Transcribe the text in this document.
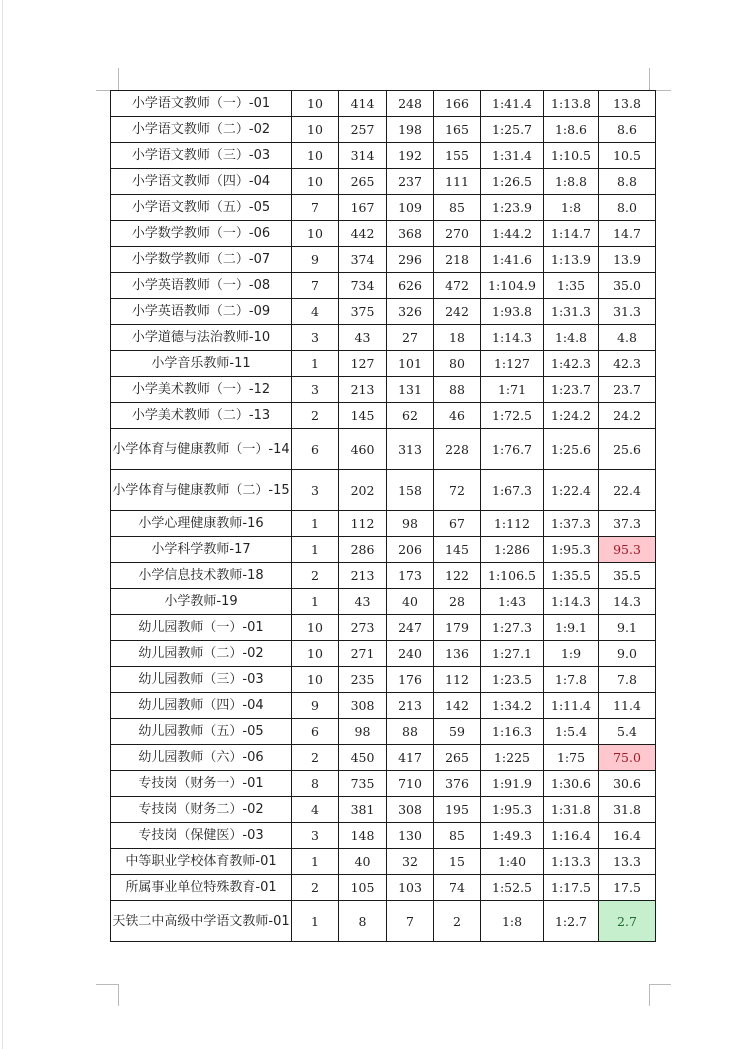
小学语文教师（一）-01	10	414	248	166	1:41.4	1:13.8	13.8
小学语文教师（二）-02	10	257	198	165	1:25.7	1:8.6	8.6
小学语文教师（三）-03	10	314	192	155	1:31.4	1:10.5	10.5
小学语文教师（四）-04	10	265	237	111	1:26.5	1:8.8	8.8
小学语文教师（五）-05	7	167	109	85	1:23.9	1:8	8.0
小学数学教师（一）-06	10	442	368	270	1:44.2	1:14.7	14.7
小学数学教师（二）-07	9	374	296	218	1:41.6	1:13.9	13.9
小学英语教师（一）-08	7	734	626	472	1:104.9	1:35	35.0
小学英语教师（二）-09	4	375	326	242	1:93.8	1:31.3	31.3
小学道德与法治教师-10	3	43	27	18	1:14.3	1:4.8	4.8
小学音乐教师-11	1	127	101	80	1:127	1:42.3	42.3
小学美术教师（一）-12	3	213	131	88	1:71	1:23.7	23.7
小学美术教师（二）-13	2	145	62	46	1:72.5	1:24.2	24.2
小学体育与健康教师（一）-14	6	460	313	228	1:76.7	1:25.6	25.6
小学体育与健康教师（二）-15	3	202	158	72	1:67.3	1:22.4	22.4
小学心理健康教师-16	1	112	98	67	1:112	1:37.3	37.3
小学科学教师-17	1	286	206	145	1:286	1:95.3	95.3
小学信息技术教师-18	2	213	173	122	1:106.5	1:35.5	35.5
小学教师-19	1	43	40	28	1:43	1:14.3	14.3
幼儿园教师（一）-01	10	273	247	179	1:27.3	1:9.1	9.1
幼儿园教师（二）-02	10	271	240	136	1:27.1	1:9	9.0
幼儿园教师（三）-03	10	235	176	112	1:23.5	1:7.8	7.8
幼儿园教师（四）-04	9	308	213	142	1:34.2	1:11.4	11.4
幼儿园教师（五）-05	6	98	88	59	1:16.3	1:5.4	5.4
幼儿园教师（六）-06	2	450	417	265	1:225	1:75	75.0
专技岗（财务一）-01	8	735	710	376	1:91.9	1:30.6	30.6
专技岗（财务二）-02	4	381	308	195	1:95.3	1:31.8	31.8
专技岗（保健医）-03	3	148	130	85	1:49.3	1:16.4	16.4
中等职业学校体育教师-01	1	40	32	15	1:40	1:13.3	13.3
所属事业单位特殊教育-01	2	105	103	74	1:52.5	1:17.5	17.5
天铁二中高级中学语文教师-01	1	8	7	2	1:8	1:2.7	2.7
